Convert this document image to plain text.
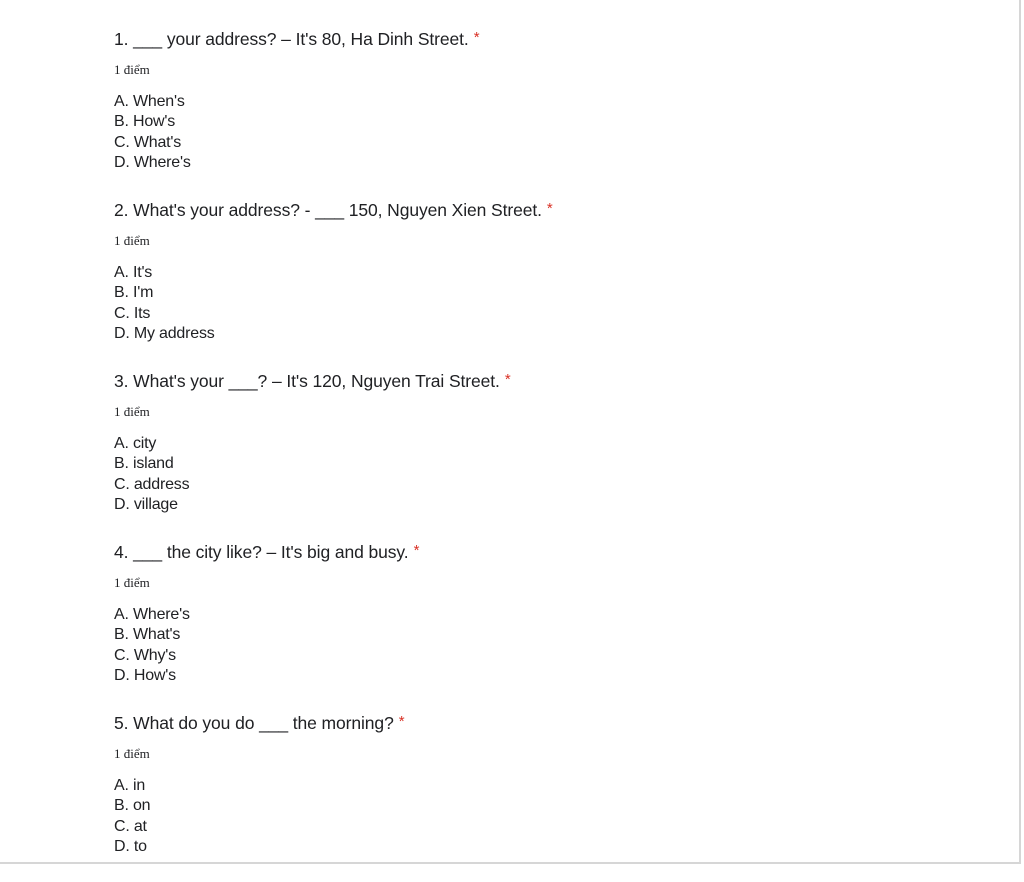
1. ___ your address? – It's 80, Ha Dinh Street. *
1 điểm
A. When's
B. How's
C. What's
D. Where's
2. What's your address? - ___ 150, Nguyen Xien Street. *
1 điểm
A. It's
B. I'm
C. Its
D. My address
3. What's your ___? – It's 120, Nguyen Trai Street. *
1 điểm
A. city
B. island
C. address
D. village
4. ___ the city like? – It's big and busy. *
1 điểm
A. Where's
B. What's
C. Why's
D. How's
5. What do you do ___ the morning? *
1 điểm
A. in
B. on
C. at
D. to
